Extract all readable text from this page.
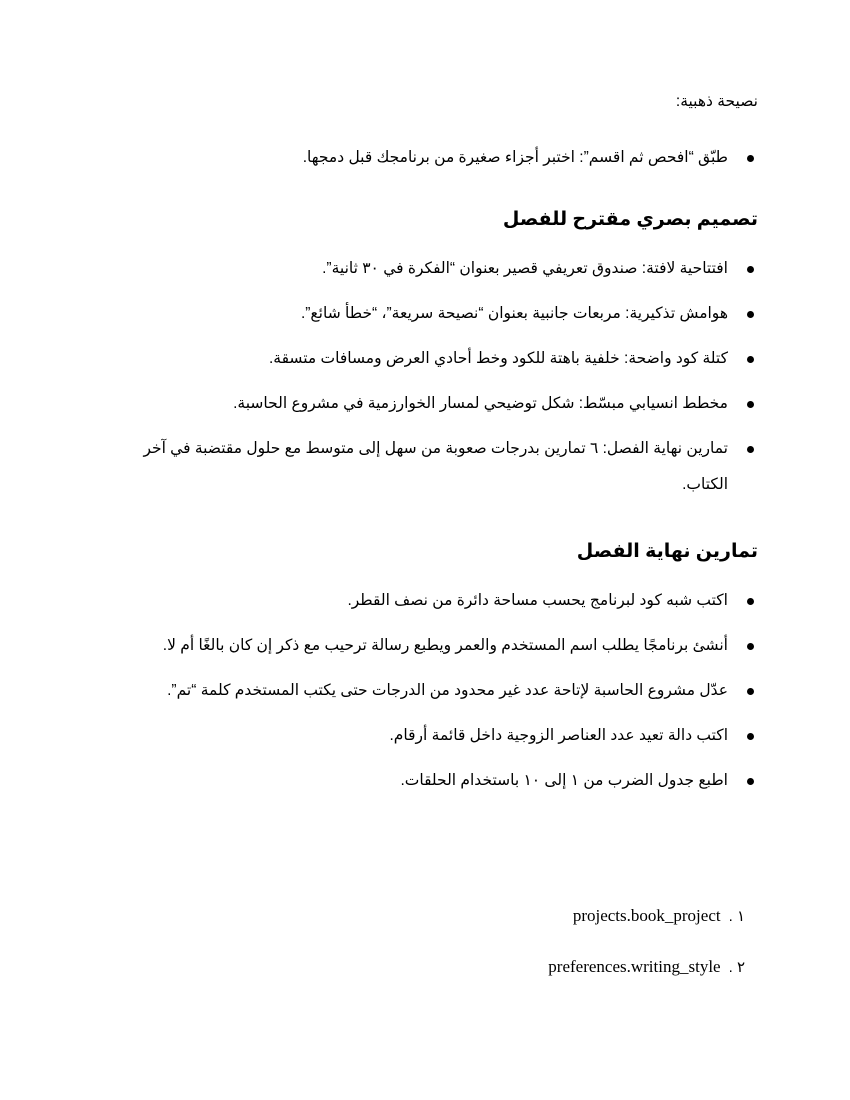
نصيحة ذهبية:

طبّق “افحص ثم اقسم”: اختبر أجزاء صغيرة من برنامجك قبل دمجها.
تصميم بصري مقترح للفصل
افتتاحية لافتة: صندوق تعريفي قصير بعنوان “الفكرة في ٣٠ ثانية”.
هوامش تذكيرية: مربعات جانبية بعنوان “نصيحة سريعة”، “خطأ شائع”.
كتلة كود واضحة: خلفية باهتة للكود وخط أحادي العرض ومسافات متسقة.
مخطط انسيابي مبسّط: شكل توضيحي لمسار الخوارزمية في مشروع الحاسبة.
تمارين نهاية الفصل: ٦ تمارين بدرجات صعوبة من سهل إلى متوسط مع حلول مقتضبة في آخر الكتاب.
تمارين نهاية الفصل
اكتب شبه كود لبرنامج يحسب مساحة دائرة من نصف القطر.
أنشئ برنامجًا يطلب اسم المستخدم والعمر ويطبع رسالة ترحيب مع ذكر إن كان بالغًا أم لا.
عدّل مشروع الحاسبة لإتاحة عدد غير محدود من الدرجات حتى يكتب المستخدم كلمة “تم”.
اكتب دالة تعيد عدد العناصر الزوجية داخل قائمة أرقام.
اطبع جدول الضرب من ١ إلى ١٠ باستخدام الحلقات.
١ .
projects.book_project
٢ .
preferences.writing_style
